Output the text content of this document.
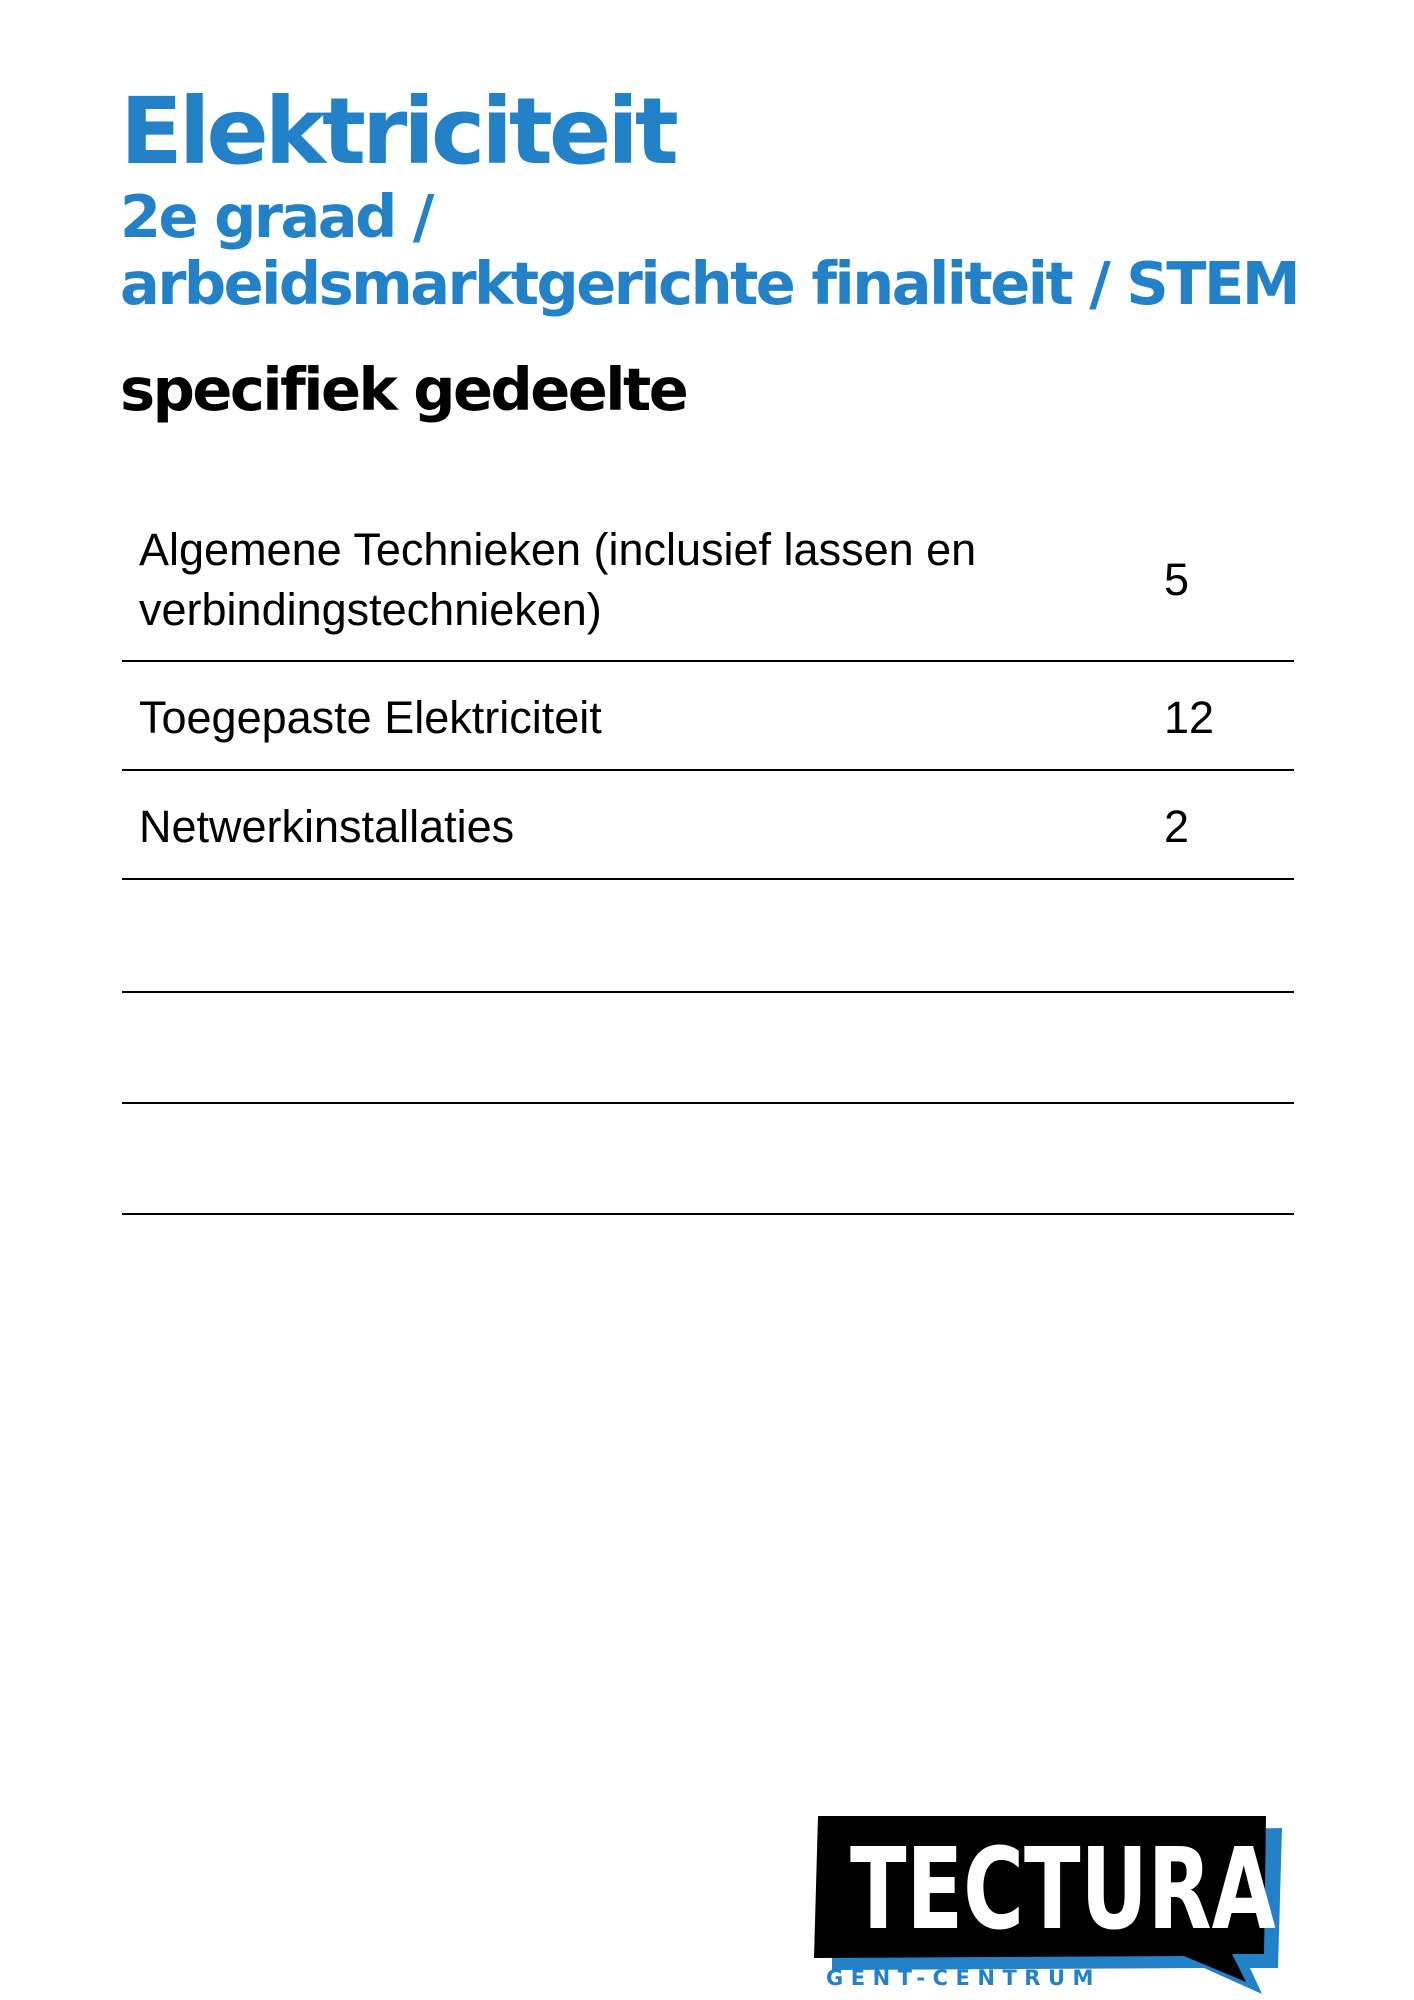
Elektriciteit
2e graad /
arbeidsmarktgerichte finaliteit / STEM
specifiek gedeelte
Algemene Technieken (inclusief lassen en verbindingstechnieken)
5
Toegepaste Elektriciteit	12
Netwerkinstallaties	2
TECTURA
GENT-CENTRUM
